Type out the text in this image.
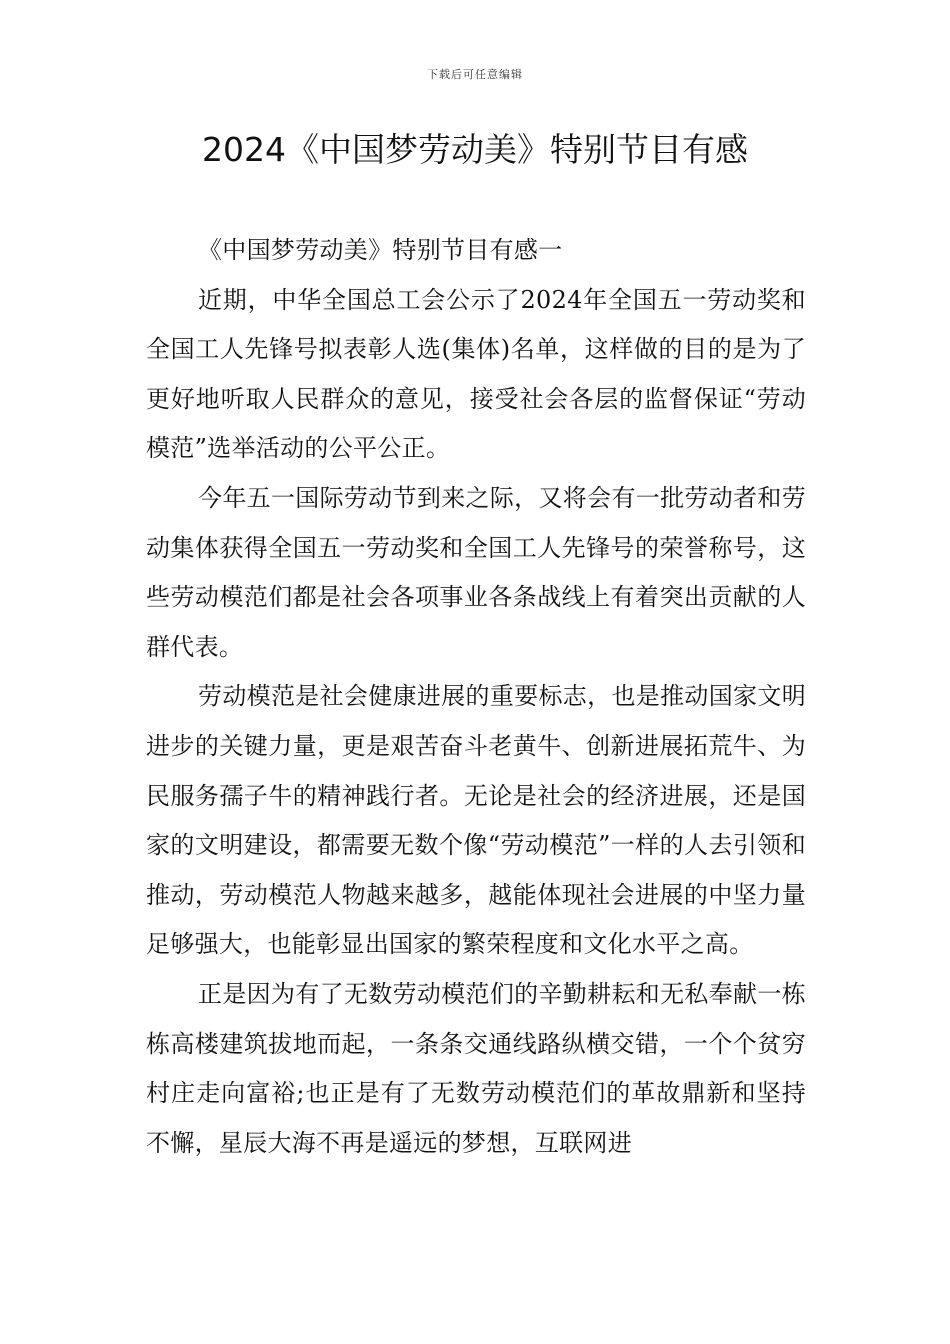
下载后可任意编辑
2024《中国梦劳动美》特别节目有感

《中国梦劳动美》特别节目有感一

近期，中华全国总工会公示了2024年全国五一劳动奖和全国工人先锋号拟表彰人选(集体)名单，这样做的目的是为了更好地听取人民群众的意见，接受社会各层的监督保证“劳动模范”选举活动的公平公正。

今年五一国际劳动节到来之际，又将会有一批劳动者和劳动集体获得全国五一劳动奖和全国工人先锋号的荣誉称号，这些劳动模范们都是社会各项事业各条战线上有着突出贡献的人群代表。

劳动模范是社会健康进展的重要标志，也是推动国家文明进步的关键力量，更是艰苦奋斗老黄牛、创新进展拓荒牛、为民服务孺子牛的精神践行者。无论是社会的经济进展，还是国家的文明建设，都需要无数个像“劳动模范”一样的人去引领和推动，劳动模范人物越来越多，越能体现社会进展的中坚力量足够强大，也能彰显出国家的繁荣程度和文化水平之高。

正是因为有了无数劳动模范们的辛勤耕耘和无私奉献一栋栋高楼建筑拔地而起，一条条交通线路纵横交错，一个个贫穷村庄走向富裕;也正是有了无数劳动模范们的革故鼎新和坚持不懈，星辰大海不再是遥远的梦想，互联网进
